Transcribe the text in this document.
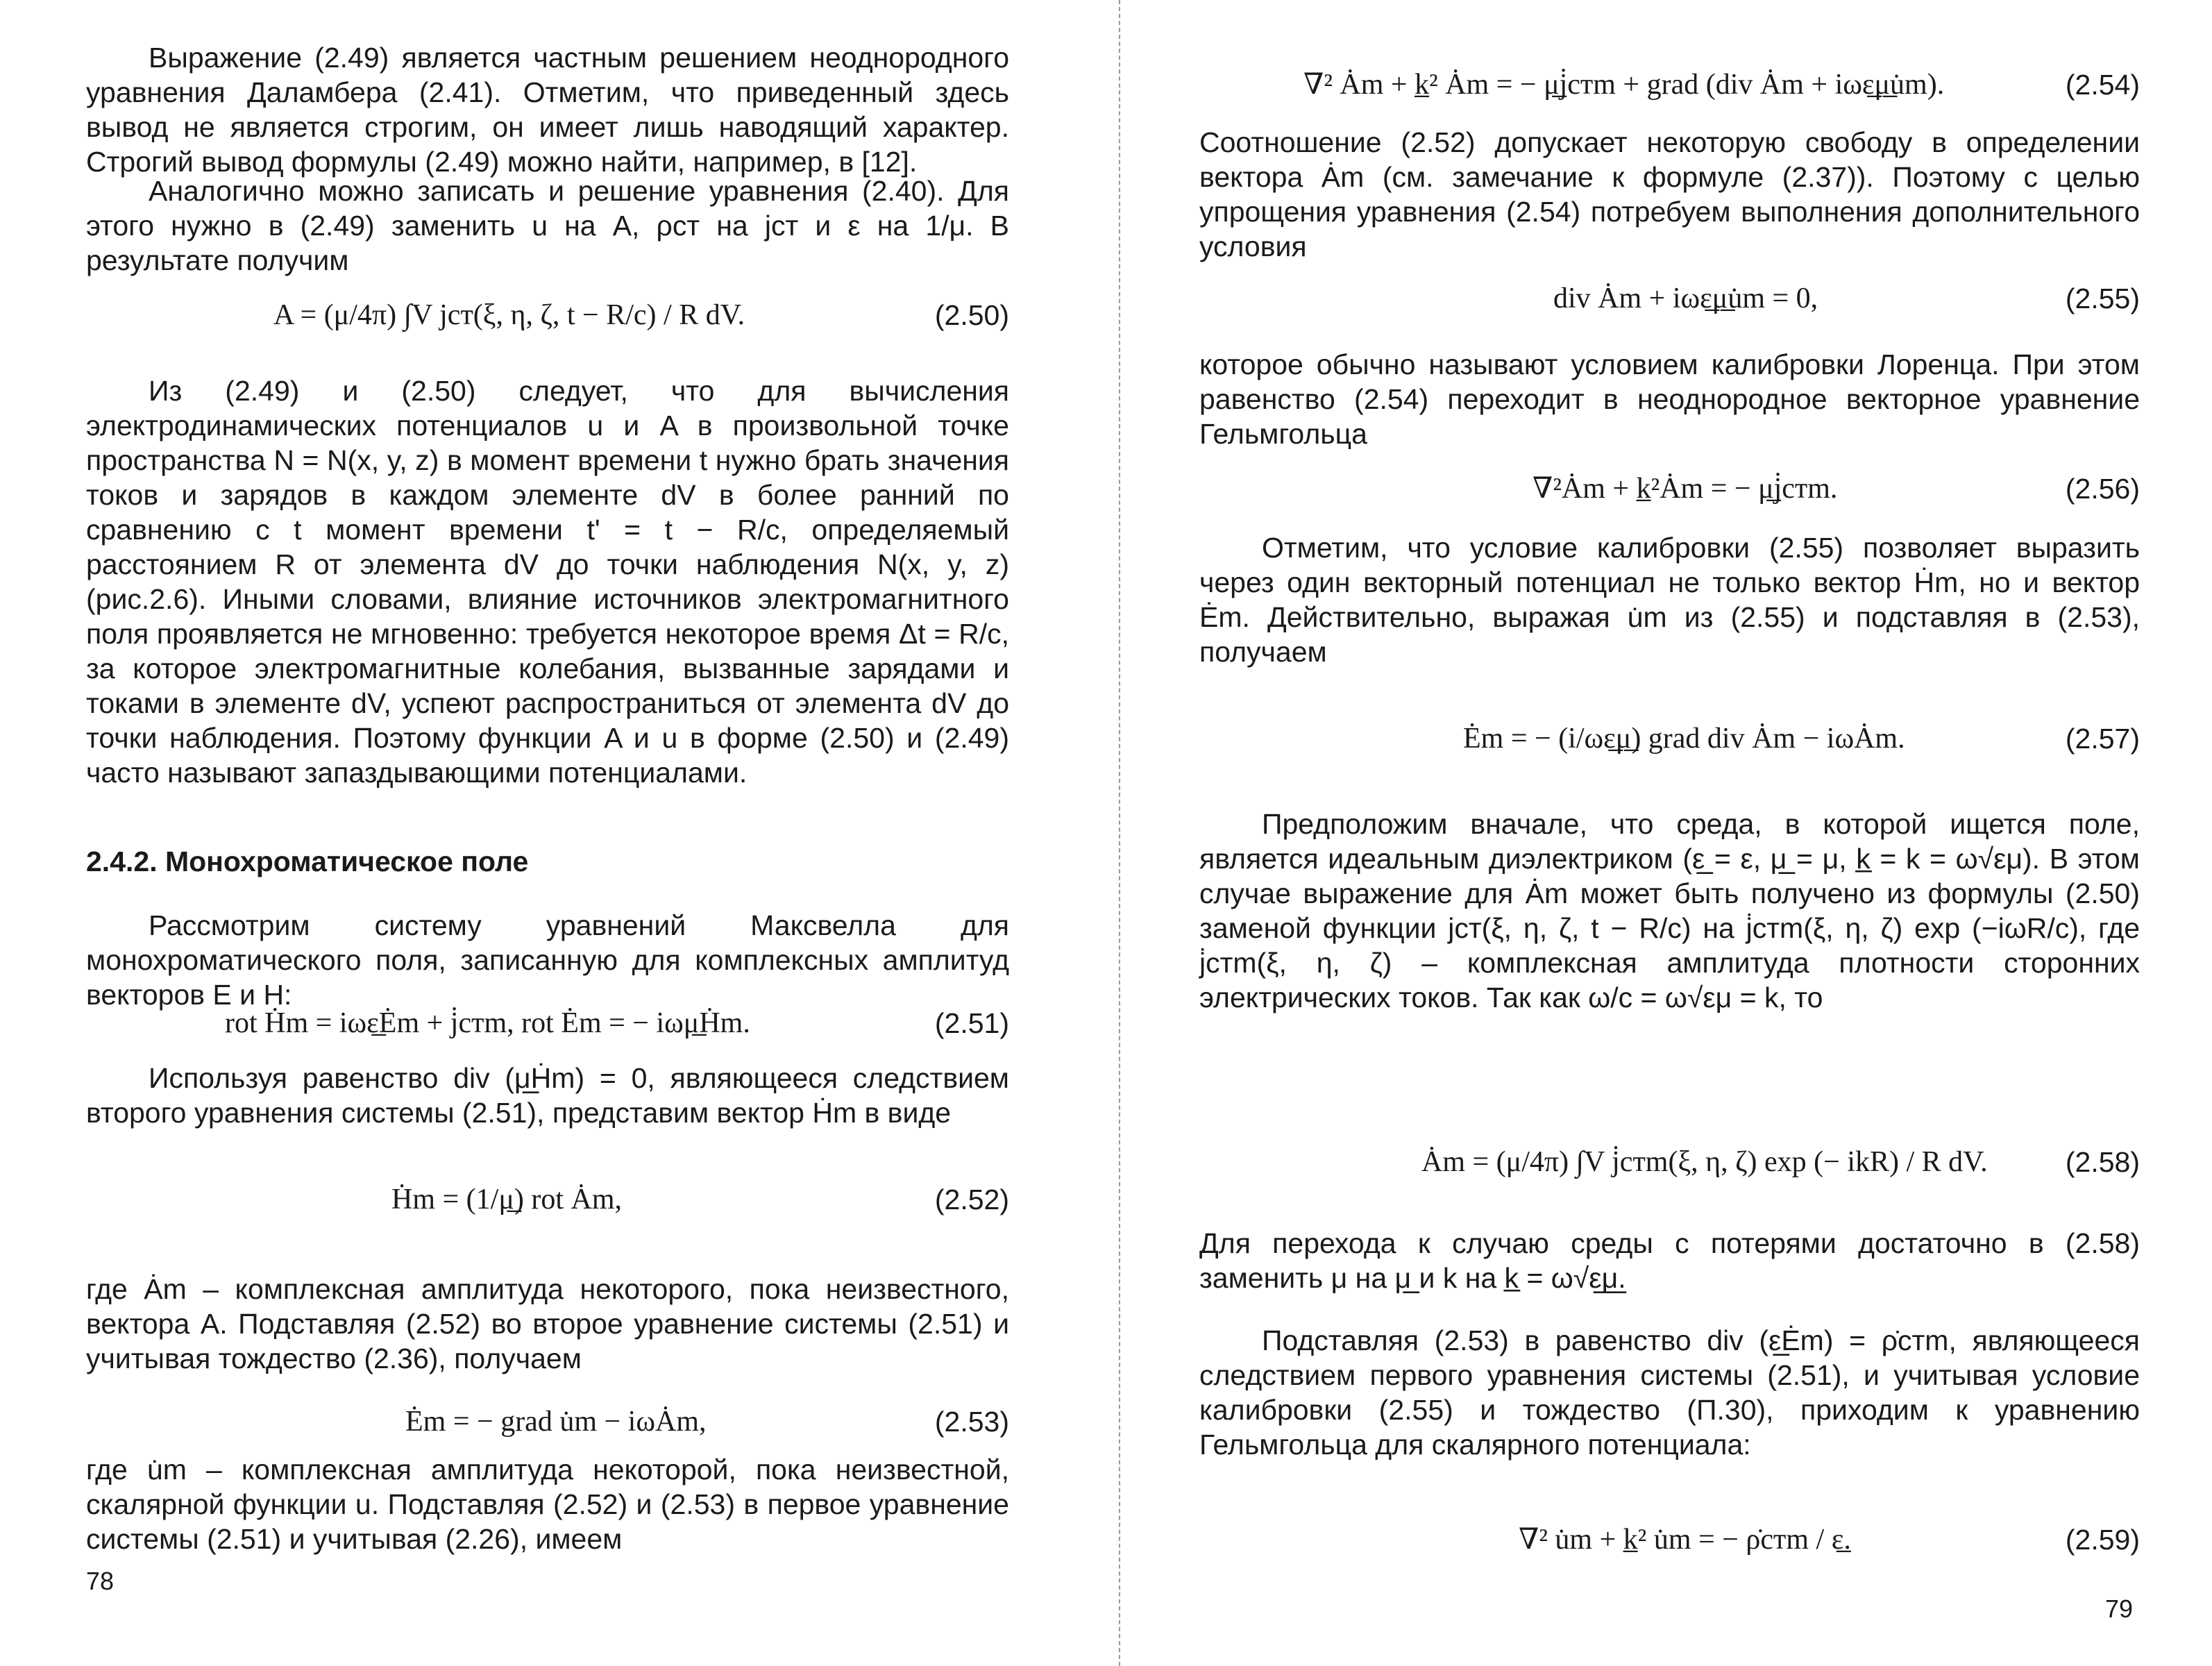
Выражение (2.49) является частным решением неоднородного уравнения Даламбера (2.41). Отметим, что приведенный здесь вывод не является строгим, он имеет лишь наводящий характер. Строгий вывод формулы (2.49) можно найти, например, в [12].

Аналогично можно записать и решение уравнения (2.40). Для этого нужно в (2.49) заменить u на A, ρст на jст и ε на 1/μ. В результате получим

A = (μ/4π) ∫V jст(ξ, η, ζ, t − R/c) / R dV.	(2.50)

Из (2.49) и (2.50) следует, что для вычисления электродинамических потенциалов u и A в произвольной точке пространства N = N(x, y, z) в момент времени t нужно брать значения токов и зарядов в каждом элементе dV в более ранний по сравнению с t момент времени t' = t − R/c, определяемый расстоянием R от элемента dV до точки наблюдения N(x, y, z) (рис.2.6). Иными словами, влияние источников электромагнитного поля проявляется не мгновенно: требуется некоторое время Δt = R/c, за которое электромагнитные колебания, вызванные зарядами и токами в элементе dV, успеют распространиться от элемента dV до точки наблюдения. Поэтому функции A и u в форме (2.50) и (2.49) часто называют запаздывающими потенциалами.

2.4.2. Монохроматическое поле

Рассмотрим систему уравнений Максвелла для монохроматического поля, записанную для комплексных амплитуд векторов E и H:

rot Ḣm = iωε̲Ėm + j̇стm, rot Ėm = − iωμ̲Ḣm.	(2.51)

Используя равенство div (μ̲Ḣm) = 0, являющееся следствием второго уравнения системы (2.51), представим вектор Ḣm в виде

Ḣm = (1/μ̲) rot Ȧm,	(2.52)

где Ȧm – комплексная амплитуда некоторого, пока неизвестного, вектора A. Подставляя (2.52) во второе уравнение системы (2.51) и учитывая тождество (2.36), получаем

Ėm = − grad u̇m − iωȦm,	(2.53)

где u̇m – комплексная амплитуда некоторой, пока неизвестной, скалярной функции u. Подставляя (2.52) и (2.53) в первое уравнение системы (2.51) и учитывая (2.26), имеем

78
∇² Ȧm + k̲² Ȧm = − μ̲j̇стm + grad (div Ȧm + iωε̲μ̲u̇m).	(2.54)

Соотношение (2.52) допускает некоторую свободу в определении вектора Ȧm (см. замечание к формуле (2.37)). Поэтому с целью упрощения уравнения (2.54) потребуем выполнения дополнительного условия

div Ȧm + iωε̲μ̲u̇m = 0,	(2.55)

которое обычно называют условием калибровки Лоренца. При этом равенство (2.54) переходит в неоднородное векторное уравнение Гельмгольца

∇²Ȧm + k̲²Ȧm = − μ̲j̇стm.	(2.56)

Отметим, что условие калибровки (2.55) позволяет выразить через один векторный потенциал не только вектор Ḣm, но и вектор Ėm. Действительно, выражая u̇m из (2.55) и подставляя в (2.53), получаем

Ėm = − (i/ωε̲μ̲) grad div Ȧm − iωȦm.	(2.57)

Предположим вначале, что среда, в которой ищется поле, является идеальным диэлектриком (ε̲ = ε, μ̲ = μ, k̲ = k = ω√εμ). В этом случае выражение для Ȧm может быть получено из формулы (2.50) заменой функции jст(ξ, η, ζ, t − R/c) на j̇стm(ξ, η, ζ) exp (−iωR/c), где j̇стm(ξ, η, ζ) – комплексная амплитуда плотности сторонних электрических токов. Так как ω/c = ω√εμ = k, то

Ȧm = (μ/4π) ∫V j̇стm(ξ, η, ζ) exp (− ikR) / R dV.	(2.58)

Для перехода к случаю среды с потерями достаточно в (2.58) заменить μ на μ̲ и k на k̲ = ω√ε̲μ̲.

Подставляя (2.53) в равенство div (ε̲Ėm) = ρ̇стm, являющееся следствием первого уравнения системы (2.51), и учитывая условие калибровки (2.55) и тождество (П.30), приходим к уравнению Гельмгольца для скалярного потенциала:

∇² u̇m + k̲² u̇m = − ρ̇стm / ε̲.	(2.59)
79
